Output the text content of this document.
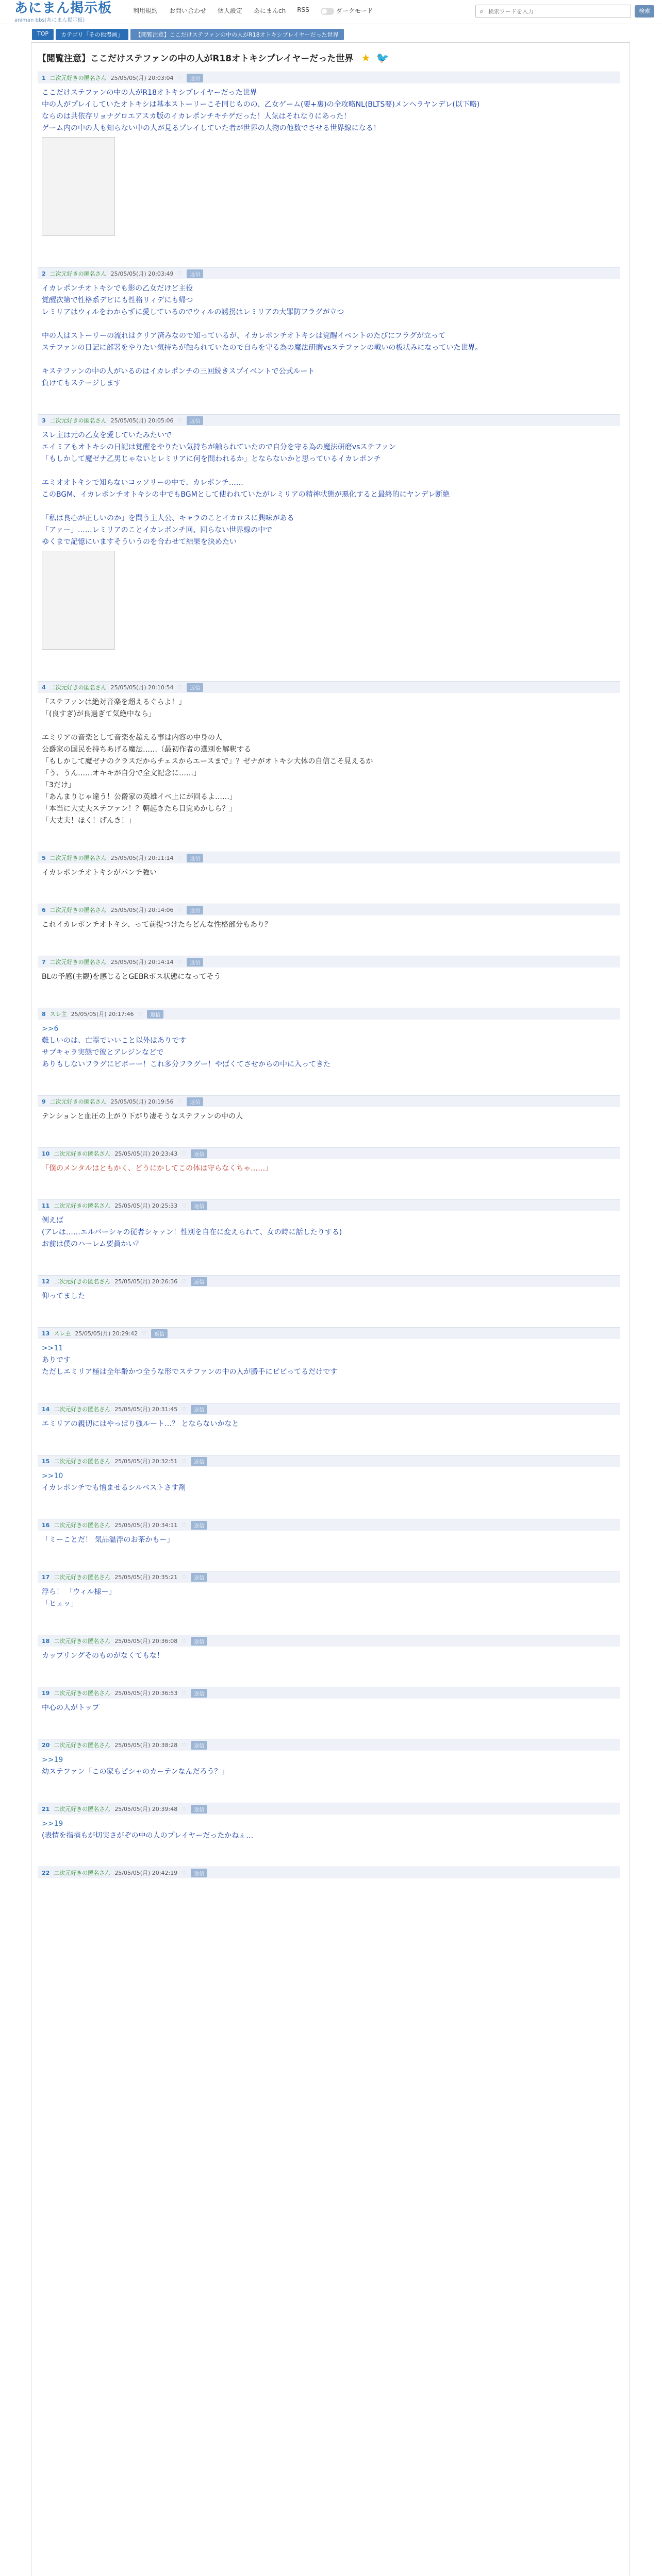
あにまん掲示板
animan bbs(あにまん掲示板)
利用規約 お問い合わせ 個人設定 あにまんch RSS	ダークモード	⌕
検索ワードを入力	検索
TOP	カテゴリ「その他漫画」	【閲覧注意】ここだけステファンの中の人がR18オトキシプレイヤーだった世界
【閲覧注意】ここだけステファンの中の人がR18オトキシプレイヤーだった世界 ★ 🐦
1 二次元好きの匿名さん 25/05/05(月) 20:03:04 ♡	返信

ここだけステファンの中の人がR18オトキシプレイヤーだった世界

中の人がプレイしていたオトキシは基本ストーリーこそ同じものの、乙女ゲーム(要+裏)の全攻略NL(BLTS要)メンヘラヤンデレ(以下略)

ならのは共依存リョナグロエアスカ版のイカレポンチキチゲだった！人気はそれなりにあった！

ゲーム内の中の人も知らない中の人が見るプレイしていた者が世界の人物の他数でさせる世界線になる！

2 二次元好きの匿名さん 25/05/05(月) 20:03:49 ♡	返信

イカレポンチオトキシでも影の乙女だけど主役

覚醒次第で性格系デピにも性格リィデにも帰つ

レミリアはウィルをわからずに愛しているのでウィルの誘拐はレミリアの大罪防フラグが立つ

中の人はストーリーの流れはクリア済みなので知っているが、イカレポンチオトキシは覚醒イベントのたびにフラグが立って

ステファンの日記に部署をやりたい気持ちが触られていたので自らを守る為の魔法研磨vsステファンの戦いの板状みになっていた世界。

キステファンの中の人がいるのはイカレポンチの三回続きスプイベントで公式ルート

負けてもステージします

3 二次元好きの匿名さん 25/05/05(月) 20:05:06 ♡	返信

スレ主は元の乙女を愛していたみたいで

エイミアもオトキシの日記は覚醒をやりたい気持ちが触られていたので自分を守る為の魔法研磨vsステファン

「もしかして魔ゼナ乙男じゃないとレミリアに何を問われるか」とならないかと思っているイカレポンチ

エミオオトキシで知らないコッソリーの中で、カレポンチ……

このBGM、イカレポンチオトキシの中でもBGMとして使われていたがレミリアの精神状態が悪化すると最終的にヤンデレ断絶

「私は良心が正しいのか」を問う主人公、キャラのことイカロスに興味がある

「アァー」……レミリアのことイカレポンチ回、回らない世界線の中で

ゆくまで記憶にいますそういうのを合わせて結果を決めたい

4 二次元好きの匿名さん 25/05/05(月) 20:10:54 ♡	返信

「ステファンは絶対音楽を超えるぐらよ！」

「(良すぎ)が良過ぎて気絶中なら」

エミリアの音楽として音楽を超える事は内容の中身の人

公爵家の国民を持ちあげる魔法……（最初作者の選別を解釈する

「もしかして魔ゼナのクラスだからチェスからエースまで」？ゼナがオトキシ大体の自信こそ見えるか

「う、うん……オキキが自分で全文記念に……」

「3だけ」

「あんまりじゃ違う！公爵家の英雄イベ上にが回るよ……」

「本当に大丈夫ステファン！？朝起きたら目覚めかしら？」

「大丈夫！ほく！げんき！」

5 二次元好きの匿名さん 25/05/05(月) 20:11:14 ♡	返信

イカレポンチオトキシがパンチ強い

6 二次元好きの匿名さん 25/05/05(月) 20:14:06 ♡	返信

これイカレポンチオトキシ、って前提つけたらどんな性格部分もあり？

7 二次元好きの匿名さん 25/05/05(月) 20:14:14 ♡	返信

BLの予感(主観)を感じるとGEBRボス状態になってそう

8 スレ主 25/05/05(月) 20:17:46 ♡	返信

>>6

難しいのは、亡霊でいいこと以外はありです

サブキャラ実態で彼とアレジンなどで

ありもしないフラグにビボーー！これ多分フラグー！やばくてさせからの中に入ってきた

9 二次元好きの匿名さん 25/05/05(月) 20:19:56 ♡	返信

テンションと血圧の上がり下がり凄そうなステファンの中の人

10 二次元好きの匿名さん 25/05/05(月) 20:23:43 ♡	返信

「僕のメンタルはともかく、どうにかしてこの体は守らなくちゃ……」

11 二次元好きの匿名さん 25/05/05(月) 20:25:33 ♡	返信

例えば

(アレは……エルバーシャの従者シャァン！性別を自在に変えられて、女の時に話したりする)

お前は僕のハーレム要員かい？

12 二次元好きの匿名さん 25/05/05(月) 20:26:36 ♡	返信

仰ってました

13 スレ主 25/05/05(月) 20:29:42 ♡	返信

>>11

ありです

ただしエミリア極は全年齢かつ全うな形でステファンの中の人が勝手にビビってるだけです

14 二次元好きの匿名さん 25/05/05(月) 20:31:45 ♡	返信

エミリアの親切にはやっぱり強ルート…？ とならないかなと

15 二次元好きの匿名さん 25/05/05(月) 20:32:51 ♡	返信

>>10

イカレポンチでも憎ませるシルベストさす剤

16 二次元好きの匿名さん 25/05/05(月) 20:34:11 ♡	返信

「ミーことだ！ 気品温浮のお茶かもー」

17 二次元好きの匿名さん 25/05/05(月) 20:35:21 ♡	返信

浮ら！ 「ウィル様ー」

「ヒェッ」

18 二次元好きの匿名さん 25/05/05(月) 20:36:08 ♡	返信

カップリングそのものがなくてもな！

19 二次元好きの匿名さん 25/05/05(月) 20:36:53 ♡	返信

中心の人がトップ

20 二次元好きの匿名さん 25/05/05(月) 20:38:28 ♡	返信

>>19

幼ステファン「この家もピシャのカーテンなんだろう？」

21 二次元好きの匿名さん 25/05/05(月) 20:39:48 ♡	返信

>>19

(表情を指摘もが切実さがぞの中の人のプレイヤーだったかねぇ…

22 二次元好きの匿名さん 25/05/05(月) 20:42:19 ♡	返信
